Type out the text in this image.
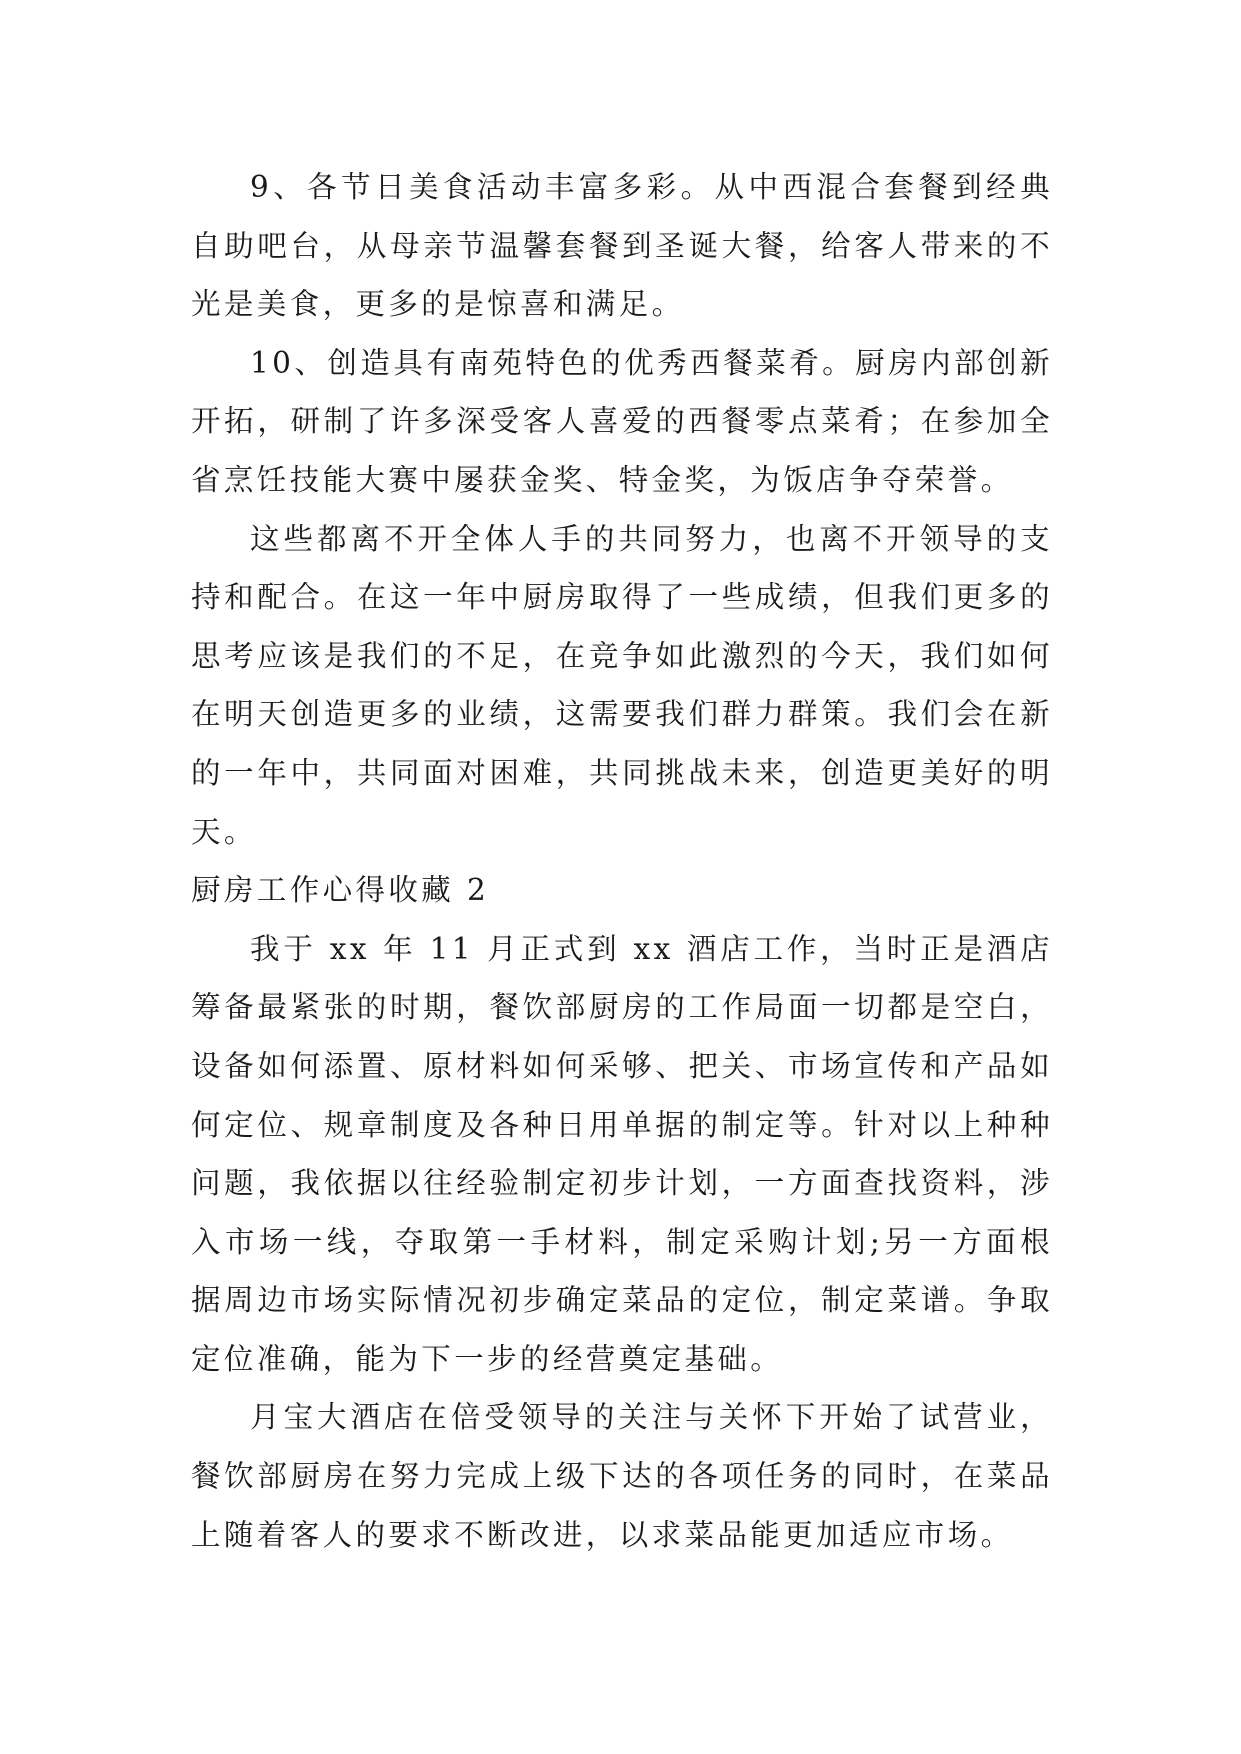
9、各节日美食活动丰富多彩。从中西混合套餐到经典自助吧台，从母亲节温馨套餐到圣诞大餐，给客人带来的不光是美食，更多的是惊喜和满足。

10、创造具有南苑特色的优秀西餐菜肴。厨房内部创新开拓，研制了许多深受客人喜爱的西餐零点菜肴；在参加全省烹饪技能大赛中屡获金奖、特金奖，为饭店争夺荣誉。

这些都离不开全体人手的共同努力，也离不开领导的支持和配合。在这一年中厨房取得了一些成绩，但我们更多的思考应该是我们的不足，在竞争如此激烈的今天，我们如何在明天创造更多的业绩，这需要我们群力群策。我们会在新的一年中，共同面对困难，共同挑战未来，创造更美好的明天。

厨房工作心得收藏 2

我于 xx 年 11 月正式到 xx 酒店工作，当时正是酒店筹备最紧张的时期，餐饮部厨房的工作局面一切都是空白，设备如何添置、原材料如何采够、把关、市场宣传和产品如何定位、规章制度及各种日用单据的制定等。针对以上种种问题，我依据以往经验制定初步计划，一方面查找资料，涉入市场一线，夺取第一手材料，制定采购计划;另一方面根据周边市场实际情况初步确定菜品的定位，制定菜谱。争取定位准确，能为下一步的经营奠定基础。

月宝大酒店在倍受领导的关注与关怀下开始了试营业，餐饮部厨房在努力完成上级下达的各项任务的同时，在菜品上随着客人的要求不断改进，以求菜品能更加适应市场。
